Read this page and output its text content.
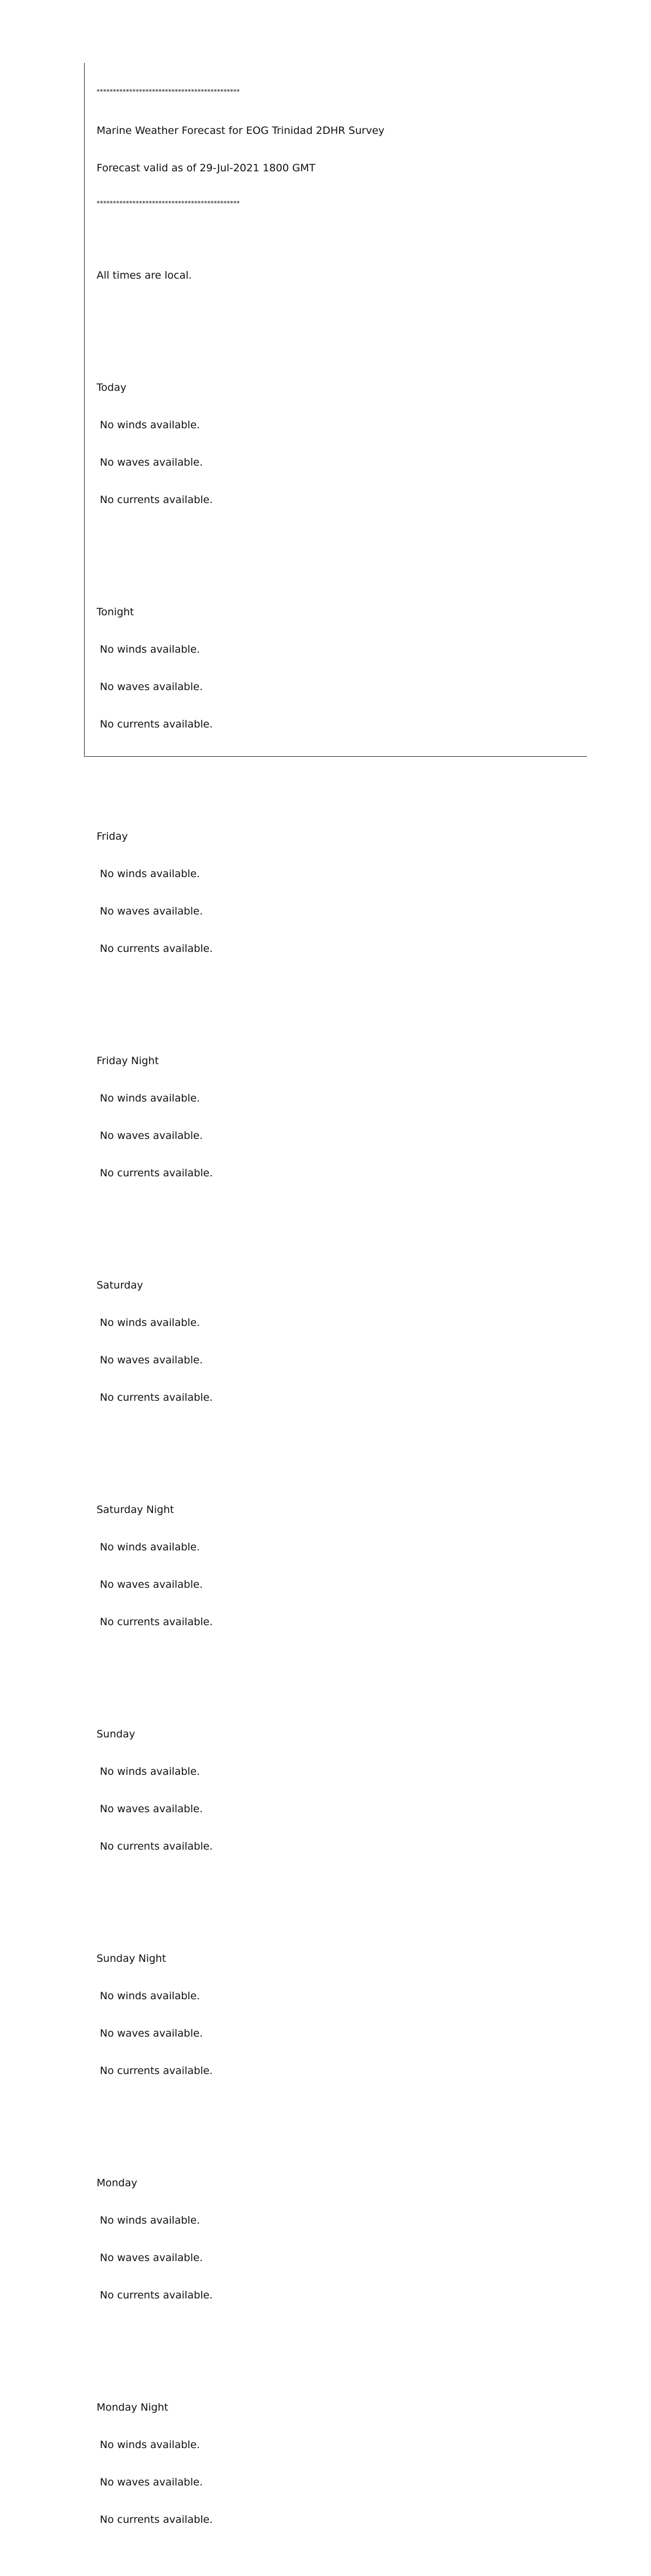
********************************************

Marine Weather Forecast for EOG Trinidad 2DHR Survey

Forecast valid as of 29-Jul-2021 1800 GMT

********************************************

All times are local.

Today

No winds available.

No waves available.

No currents available.

Tonight

No winds available.

No waves available.

No currents available.

Friday

No winds available.

No waves available.

No currents available.

Friday Night

No winds available.

No waves available.

No currents available.

Saturday

No winds available.

No waves available.

No currents available.

Saturday Night

No winds available.

No waves available.

No currents available.

Sunday

No winds available.

No waves available.

No currents available.

Sunday Night

No winds available.

No waves available.

No currents available.

Monday

No winds available.

No waves available.

No currents available.

Monday Night

No winds available.

No waves available.

No currents available.
